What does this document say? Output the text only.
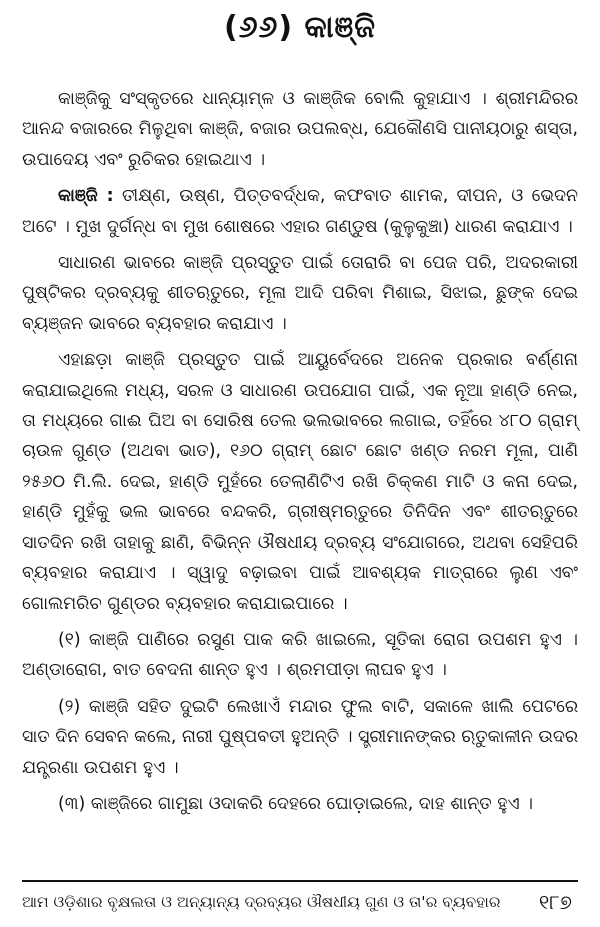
(୬୬) କାଞ୍ଜି

କାଞ୍ଜିକୁ ସଂସ୍କୃତରେ ଧାନ୍ୟାମ୍ଳ ଓ କାଞ୍ଜିକ ବୋଲି କୁହାଯାଏ । ଶ୍ରୀମନ୍ଦିରର ଆନନ୍ଦ ବଜାରରେ ମିଳୁଥିବା କାଞ୍ଜି, ବଜାର ଉପଲବ୍ଧ, ଯେକୌଣସି ପାନୀୟଠାରୁ ଶସ୍ତା, ଉପାଦେୟ ଏବଂ ରୁଚିକର ହୋଇଥାଏ ।

କାଞ୍ଜି : ତୀକ୍ଷ୍ଣ, ଉଷ୍ଣ, ପିତ୍ତବର୍ଦ୍ଧକ, କଫବାତ ଶାମକ, ଦୀପନ, ଓ ଭେଦନ ଅଟେ । ମୁଖ ଦୁର୍ଗନ୍ଧ ବା ମୁଖ ଶୋଷରେ ଏହାର ଗଣ୍ଡୁଷ (କୁଳୁକୁଞ୍ଚା) ଧାରଣ କରାଯାଏ ।

ସାଧାରଣ ଭାବରେ କାଞ୍ଜି ପ୍ରସ୍ତୁତ ପାଇଁ ତୋରାରି ବା ପେଜ ପରି, ଅଦରକାରୀ ପୁଷ୍ଟିକର ଦ୍ରବ୍ୟକୁ ଶୀତଋତୁରେ, ମୂଳା ଆଦି ପରିବା ମିଶାଇ, ସିଝାଇ, ଛୁଙ୍କ ଦେଇ ବ୍ୟଞ୍ଜନ ଭାବରେ ବ୍ୟବହାର କରାଯାଏ ।

ଏହାଛଡ଼ା କାଞ୍ଜି ପ୍ରସ୍ତୁତ ପାଇଁ ଆୟୁର୍ବେଦରେ ଅନେକ ପ୍ରକାର ବର୍ଣ୍ଣନା କରାଯାଇଥିଲେ ମଧ୍ୟ, ସରଳ ଓ ସାଧାରଣ ଉପଯୋଗ ପାଇଁ, ଏକ ନୂଆ ହାଣ୍ଡି ନେଇ, ତା ମଧ୍ୟରେ ଗାଈ ଘିଅ ବା ସୋରିଷ ତେଲ ଭଲଭାବରେ ଲଗାଇ, ତହିଁରେ ୪୮୦ ଗ୍ରାମ୍ ଚାଉଳ ଗୁଣ୍ଡ (ଅଥବା ଭାତ), ୧୬୦ ଗ୍ରାମ୍ ଛୋଟ ଛୋଟ ଖଣ୍ଡ ନରମ ମୂଳା, ପାଣି ୨୫୬୦ ମି.ଲି. ଦେଇ, ହାଣ୍ଡି ମୁହଁରେ ତେଲାଣିଟିଏ ରଖି ଚିକ୍କଣ ମାଟି ଓ କନା ଦେଇ, ହାଣ୍ଡି ମୁହଁକୁ ଭଲ ଭାବରେ ବନ୍ଦକରି, ଗ୍ରୀଷ୍ମଋତୁରେ ତିନିଦିନ ଏବଂ ଶୀତଋତୁରେ ସାତଦିନ ରଖି ତାହାକୁ ଛାଣି, ବିଭିନ୍ନ ଔଷଧୀୟ ଦ୍ରବ୍ୟ ସଂଯୋଗରେ, ଅଥବା ସେହିପରି ବ୍ୟବହାର କରାଯାଏ । ସ୍ୱାଦୁ ବଢ଼ାଇବା ପାଇଁ ଆବଶ୍ୟକ ମାତ୍ରାରେ ଲୁଣ ଏବଂ ଗୋଲମରିଚ ଗୁଣ୍ଡର ବ୍ୟବହାର କରାଯାଇପାରେ ।

(୧) କାଞ୍ଜି ପାଣିରେ ରସୁଣ ପାକ କରି ଖାଇଲେ, ସୂତିକା ରୋଗ ଉପଶମ ହୁଏ । ଅଣ୍ଡାରୋଗ, ବାତ ବେଦନା ଶାନ୍ତ ହୁଏ । ଶ୍ରମପୀଡ଼ା ଲାଘବ ହୁଏ ।

(୨) କାଞ୍ଜି ସହିତ ଦୁଇଟି ଲେଖାଏଁ ମନ୍ଦାର ଫୁଲ ବାଟି, ସକାଳେ ଖାଲି ପେଟରେ ସାତ ଦିନ ସେବନ କଲେ, ନାରୀ ପୁଷ୍ପବତୀ ହୁଅନ୍ତି । ସ୍ତ୍ରୀମାନଙ୍କର ଋତୁକାଳୀନ ଉଦର ଯନ୍ତ୍ରଣା ଉପଶମ ହୁଏ ।

(୩) କାଞ୍ଜିରେ ଗାମୁଛା ଓଦାକରି ଦେହରେ ଘୋଡ଼ାଇଲେ, ଦାହ ଶାନ୍ତ ହୁଏ ।

ଆମ ଓଡ଼ିଶାର ବୃକ୍ଷଲତା ଓ ଅନ୍ୟାନ୍ୟ ଦ୍ରବ୍ୟର ଔଷଧୀୟ ଗୁଣ ଓ ତା'ର ବ୍ୟବହାର ୧୮୭
